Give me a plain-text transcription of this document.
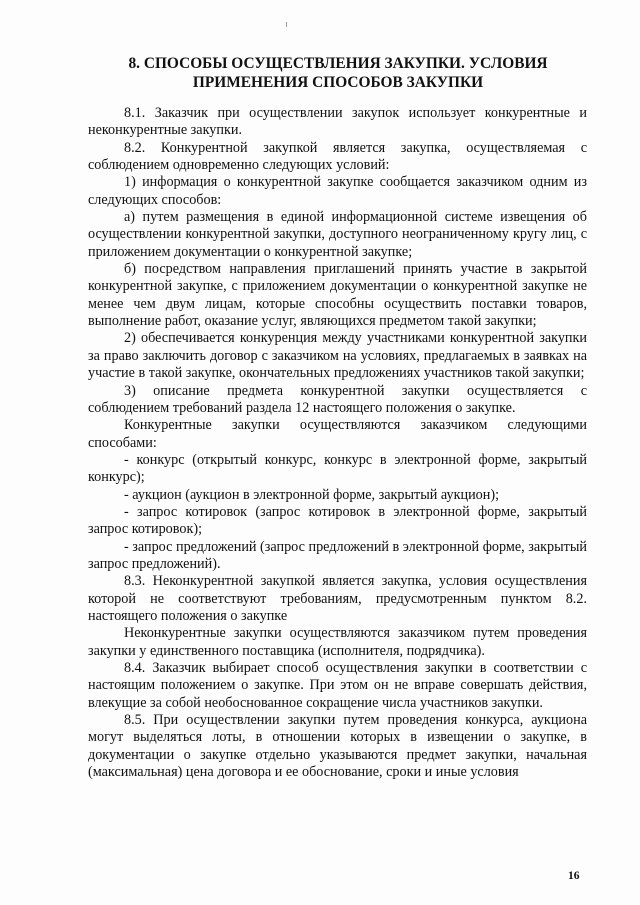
8. СПОСОБЫ ОСУЩЕСТВЛЕНИЯ ЗАКУПКИ. УСЛОВИЯ
ПРИМЕНЕНИЯ СПОСОБОВ ЗАКУПКИ

8.1. Заказчик при осуществлении закупок использует конкурентные и неконкурентные закупки.

8.2. Конкурентной закупкой является закупка, осуществляемая с соблюдением одновременно следующих условий:

1) информация о конкурентной закупке сообщается заказчиком одним из следующих способов:

а) путем размещения в единой информационной системе извещения об осуществлении конкурентной закупки, доступного неограниченному кругу лиц, с приложением документации о конкурентной закупке;

б) посредством направления приглашений принять участие в закрытой конкурентной закупке, с приложением документации о конкурентной закупке не менее чем двум лицам, которые способны осуществить поставки товаров, выполнение работ, оказание услуг, являющихся предметом такой закупки;

2) обеспечивается конкуренция между участниками конкурентной закупки за право заключить договор с заказчиком на условиях, предлагаемых в заявках на участие в такой закупке, окончательных предложениях участников такой закупки;

3) описание предмета конкурентной закупки осуществляется с соблюдением требований раздела 12 настоящего положения о закупке.

Конкурентные закупки осуществляются заказчиком следующими способами:

- конкурс (открытый конкурс, конкурс в электронной форме, закрытый конкурс);

- аукцион (аукцион в электронной форме, закрытый аукцион);

- запрос котировок (запрос котировок в электронной форме, закрытый запрос котировок);

- запрос предложений (запрос предложений в электронной форме, закрытый запрос предложений).

8.3. Неконкурентной закупкой является закупка, условия осуществления которой не соответствуют требованиям, предусмотренным пунктом 8.2. настоящего положения о закупке

Неконкурентные закупки осуществляются заказчиком путем проведения закупки у единственного поставщика (исполнителя, подрядчика).

8.4. Заказчик выбирает способ осуществления закупки в соответствии с настоящим положением о закупке. При этом он не вправе совершать действия, влекущие за собой необоснованное сокращение числа участников закупки.

8.5. При осуществлении закупки путем проведения конкурса, аукциона могут выделяться лоты, в отношении которых в извещении о закупке, в документации о закупке отдельно указываются предмет закупки, начальная (максимальная) цена договора и ее обоснование, сроки и иные условия

16
